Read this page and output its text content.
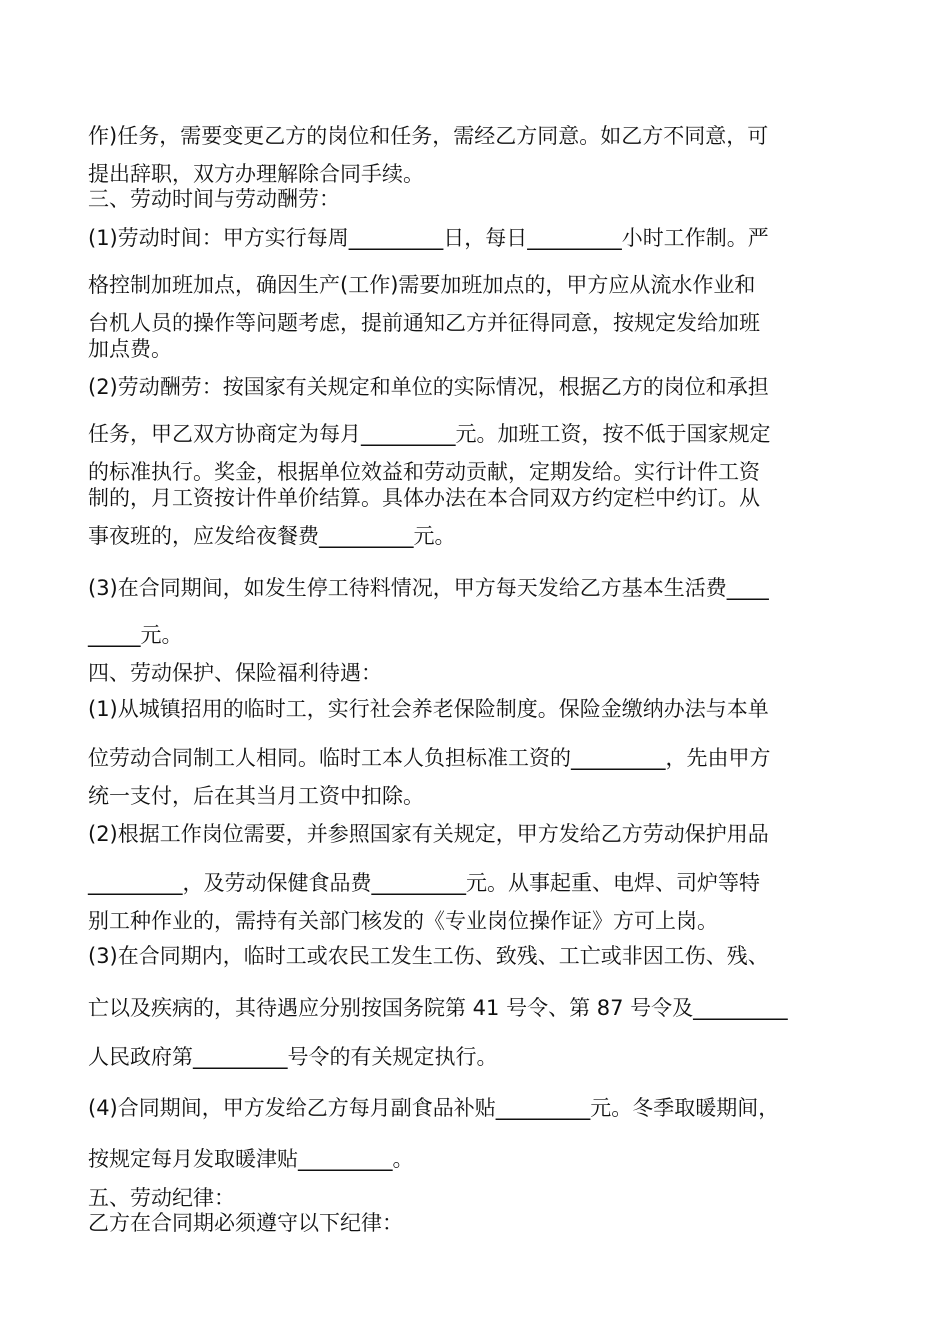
作)任务，需要变更乙方的岗位和任务，需经乙方同意。如乙方不同意，可
提出辞职，双方办理解除合同手续。
三、劳动时间与劳动酬劳：
(1)劳动时间：甲方实行每周_________日，每日_________小时工作制。严
格控制加班加点，确因生产(工作)需要加班加点的，甲方应从流水作业和
台机人员的操作等问题考虑，提前通知乙方并征得同意，按规定发给加班
加点费。
(2)劳动酬劳：按国家有关规定和单位的实际情况，根据乙方的岗位和承担
任务，甲乙双方协商定为每月_________元。加班工资，按不低于国家规定
的标准执行。奖金，根据单位效益和劳动贡献，定期发给。实行计件工资
制的，月工资按计件单价结算。具体办法在本合同双方约定栏中约订。从
事夜班的，应发给夜餐费_________元。
(3)在合同期间，如发生停工待料情况，甲方每天发给乙方基本生活费____
_____元。
四、劳动保护、保险福利待遇：
(1)从城镇招用的临时工，实行社会养老保险制度。保险金缴纳办法与本单
位劳动合同制工人相同。临时工本人负担标准工资的_________，先由甲方
统一支付，后在其当月工资中扣除。
(2)根据工作岗位需要，并参照国家有关规定，甲方发给乙方劳动保护用品
_________，及劳动保健食品费_________元。从事起重、电焊、司炉等特
别工种作业的，需持有关部门核发的《专业岗位操作证》方可上岗。
(3)在合同期内，临时工或农民工发生工伤、致残、工亡或非因工伤、残、
亡以及疾病的，其待遇应分别按国务院第 41 号令、第 87 号令及_________
人民政府第_________号令的有关规定执行。
(4)合同期间，甲方发给乙方每月副食品补贴_________元。冬季取暖期间，
按规定每月发取暖津贴_________。
五、劳动纪律：
乙方在合同期必须遵守以下纪律：
